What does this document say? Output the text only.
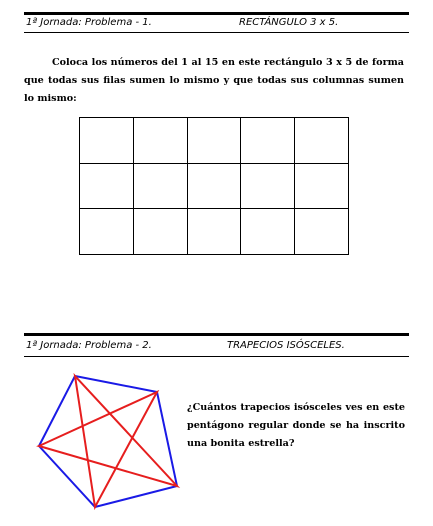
1ª Jornada: Problema - 1.	RECTÁNGULO 3 x 5.
Coloca los números del 1 al 15 en este rectángulo 3 x 5 de forma que todas sus filas sumen lo mismo y que todas sus columnas sumen lo mismo:
1ª Jornada: Problema - 2.	TRAPECIOS ISÓSCELES.
¿Cuántos trapecios isósceles ves en este pentágono regular donde se ha inscrito una bonita estrella?
